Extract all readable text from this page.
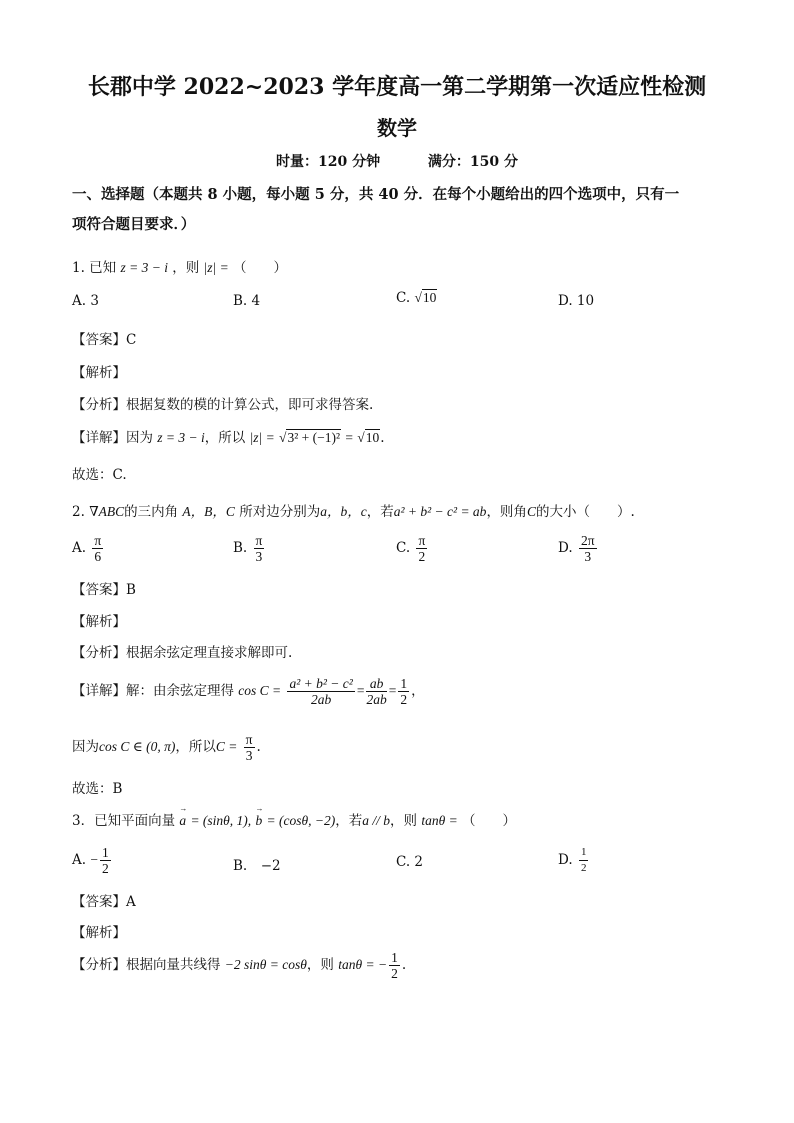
长郡中学 2022~2023 学年度高一第二学期第一次适应性检测
数学
时量：120 分钟	满分：150 分
一、选择题（本题共 8 小题，每小题 5 分，共 40 分．在每个小题给出的四个选项中，只有一
项符合题目要求．）
1. 已知 z = 3 − i ，则 |z| = （　　）
A. 3	B. 4	C. √10	D. 10
【答案】C
【解析】
【分析】根据复数的模的计算公式，即可求得答案.
【详解】因为 z = 3 − i，所以 |z| = √3² + (−1)² = √10.
故选：C.
2. ∇ABC的三内角 A，B，C 所对边分别为a，b，c，若a² + b² − c² = ab，则角C的大小（　　）.
A. $\frac{\pi}{6}$	B. $\frac{\pi}{3}$	C. $\frac{\pi}{2}$	D. $\frac{2\pi}{3}$
【答案】B
【解析】
【分析】根据余弦定理直接求解即可.
【详解】解：由余弦定理得 $\cos C = \frac{\text{a² + b² − c²}}{2ab} = \frac{ab}{2ab} = \frac{1}{2}$ ，
因为cos C ∈ (0, π)，所以$C = \frac{\pi}{3}$ .
故选：B
3．已知平面向量 → a = (sinθ, 1), → b = (cosθ, −2)，若a // b，则 tanθ = （　　）
A. − $\frac{1}{2}$	B.　−2	C. 2	D. $\frac{1}{2}$
【答案】A
【解析】
【分析】根据向量共线得 −2 sinθ = cosθ，则 tanθ = − $\frac{1}{2}$ .
